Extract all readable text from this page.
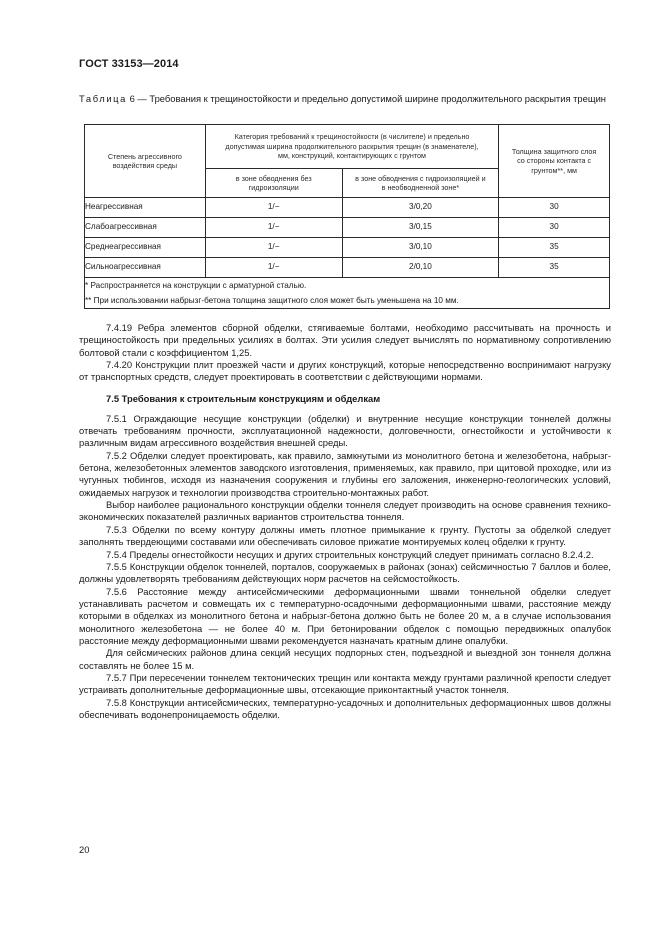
ГОСТ 33153—2014
Таблица 6 — Требования к трещиностойкости и предельно допустимой ширине продолжительного раскрытия трещин
Степень агрессивного воздействия среды	Категория требований к трещиностойкости (в числителе) и предельно допустимая ширина продолжительного раскрытия трещин (в знаменателе), мм, конструкций, контактирующих с грунтом		Толщина защитного слоя со стороны контакта с грунтом**, мм
	в зоне обводнения без гидроизоляции	в зоне обводнения с гидроизоляцией и в необводненной зоне*	
Неагрессивная	1/−	3/0,20	30
Слабоагрессивная	1/−	3/0,15	30
Среднеагрессивная	1/−	3/0,10	35
Сильноагрессивная	1/−	2/0,10	35

* Распространяется на конструкции с арматурной сталью.
** При использовании набрызг-бетона толщина защитного слоя может быть уменьшена на 10 мм.			

7.4.19 Ребра элементов сборной обделки, стягиваемые болтами, необходимо рассчитывать на прочность и трещиностойкость при предельных усилиях в болтах. Эти усилия следует вычислять по нормативному сопротивлению болтовой стали с коэффициентом 1,25.

7.4.20 Конструкции плит проезжей части и других конструкций, которые непосредственно воспринимают нагрузку от транспортных средств, следует проектировать в соответствии с действующими нормами.

7.5 Требования к строительным конструкциям и обделкам

7.5.1 Ограждающие несущие конструкции (обделки) и внутренние несущие конструкции тоннелей должны отвечать требованиям прочности, эксплуатационной надежности, долговечности, огнестойкости и устойчивости к различным видам агрессивного воздействия внешней среды.

7.5.2 Обделки следует проектировать, как правило, замкнутыми из монолитного бетона и железобетона, набрызг-бетона, железобетонных элементов заводского изготовления, применяемых, как правило, при щитовой проходке, или из чугунных тюбингов, исходя из назначения сооружения и глубины его заложения, инженерно-геологических условий, ожидаемых нагрузок и технологии производства строительно-монтажных работ.

Выбор наиболее рационального конструкции обделки тоннеля следует производить на основе сравнения технико-экономических показателей различных вариантов строительства тоннеля.

7.5.3 Обделки по всему контуру должны иметь плотное примыкание к грунту. Пустоты за обделкой следует заполнять твердеющими составами или обеспечивать силовое прижатие монтируемых колец обделки к грунту.

7.5.4 Пределы огнестойкости несущих и других строительных конструкций следует принимать согласно 8.2.4.2.

7.5.5 Конструкции обделок тоннелей, порталов, сооружаемых в районах (зонах) сейсмичностью 7 баллов и более, должны удовлетворять требованиям действующих норм расчетов на сейсмостойкость.

7.5.6 Расстояние между антисейсмическими деформационными швами тоннельной обделки следует устанавливать расчетом и совмещать их с температурно-осадочными деформационными швами, расстояние между которыми в обделках из монолитного бетона и набрызг-бетона должно быть не более 20 м, а в случае использования монолитного железобетона — не более 40 м. При бетонировании обделок с помощью передвижных опалубок расстояние между деформационными швами рекомендуется назначать кратным длине опалубки.

Для сейсмических районов длина секций несущих подпорных стен, подъездной и выездной зон тоннеля должна составлять не более 15 м.

7.5.7 При пересечении тоннелем тектонических трещин или контакта между грунтами различной крепости следует устраивать дополнительные деформационные швы, отсекающие приконтактный участок тоннеля.

7.5.8 Конструкции антисейсмических, температурно-усадочных и дополнительных деформационных швов должны обеспечивать водонепроницаемость обделки.

20
